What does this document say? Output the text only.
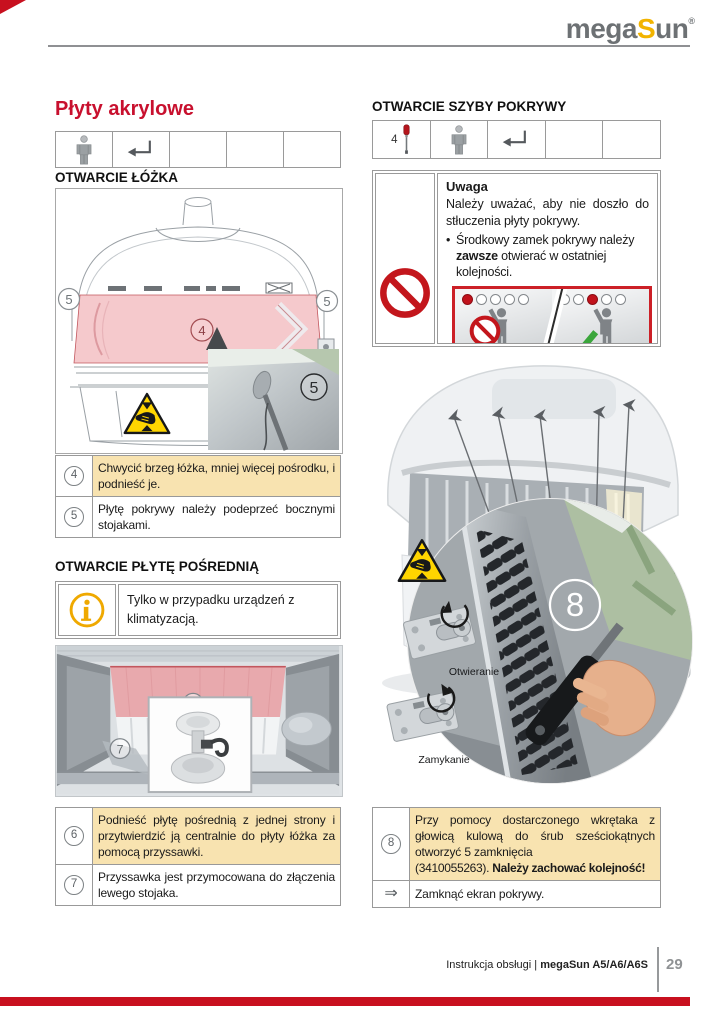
megaSun®
Płyty akrylowe
OTWARCIE ŁÓŻKA
4
5	5
5
4	Chwycić brzeg łóżka, mniej więcej pośrodku, i podnieść je.
5	Płytę pokrywy należy podeprzeć bocznymi stojakami.
OTWARCIE PŁYTĘ POŚREDNIĄ
Tylko w przypadku urządzeń z klimatyzacją.
7
6	Podnieść płytę pośrednią z jednej strony i przytwierdzić ją centralnie do płyty łóżka za pomocą przyssawki.
7	Przyssawka jest przymocowana do złączenia lewego stojaka.
OTWARCIE SZYBY POKRYWY
4
Uwaga
Należy uważać, aby nie doszło do stłuczenia płyty pokrywy.
• Środkowy zamek pokrywy należy zawsze otwierać w ostatniej kolejności.
8
Otwieranie
Zamykanie
8	Przy pomocy dostarczonego wkrętaka z głowicą kulową do śrub sześciokątnych otworzyć 5 zamknięcia
(3410055263). Należy zachować kolejność!
⇒	Zamknąć ekran pokrywy.
Instrukcja obsługi | megaSun A5/A6/A6S 29
